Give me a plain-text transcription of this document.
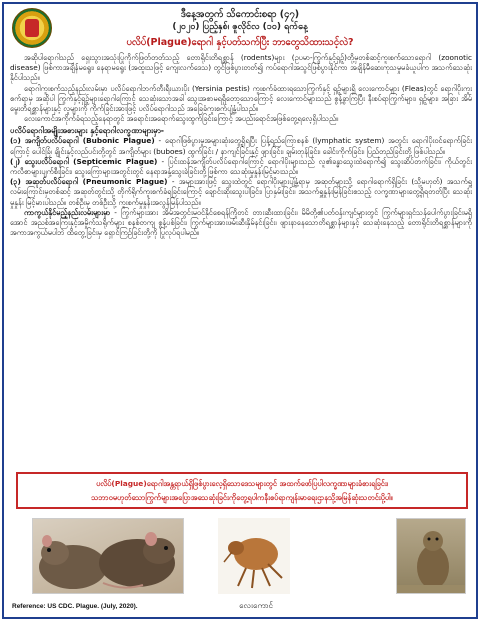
ဒီနေ့အတွက် သိကောင်းစရာ (၄၇)
(၂၀၂၀) ပြည့်နှစ်၊ ဇူလိုင်လ (၁၀) ရက်နေ့
ပလိပ်(Plague)ရောဂါ နှင့်ပတ်သက်ပြီး ဘာတွေသိထားသင့်လဲ?

အဆိုပါရောဂါသည် ရှေးသွားအသုံးပြုကိုက်ဖြတ်တတ်သည့် တောရိုင်းတိရစ္ဆာန် (rodents)များ (ဥပမာ-ကြွက်နှင့်ရှဉ့်)တို့မှတစ်ဆင့်ကူးစက်သောရောဂါ (zoonotic disease) ဖြစ်ကာအချိန်မရွေး၊ နေရာမရွေး (အထူးသဖြင့် ကျေးလက်ဒေသ) တွင်ဖြစ်ပွားတတ်၍ ကပ်ရောဂါအသွင်ဖြစ်ပွားနိုင်ကာ အချိန်မီဆေးကုသမှုမခံယူပါက အသက်သေဆုံးနိုင်ပါသည်။

ရောဂါကူးစက်သည့်နည်းလမ်းမှာ ပလိပ်ရောဂါဘက်တီးရီးယားပိုး (Yersinia pestis) ကူးစက်ခံထားရသောကြွက်နှင့် ရှဉ့်များရှိ လေးကောင်များ (Fleas)တွင် ရောဂါပိုးကူးစက်ရာမှ အဆိုပါ ကြွက်နှင့်ရှဉ့်များရောဂါကြောင့် သေဆုံးသောအခါ သွေးအစာမရရှိတော့သောကြောင့် လေးကောင်များသည် စွန့်ခွာကြပြီး နီးစပ်ရာကြွက်များ၊ ရှဉ့်များ၊ အခြား အိမ်မွေးတိရစ္ဆာန်များနှင့် လူများကို ကိုက်ခြင်းအားဖြင့် ပလိပ်ရောဂါသည် အခြေခံကူးစက်ပျံ့နှံ့ပါသည်။

လေးကောင်အကိုက်ခံရသည့်နေရာတွင် အရောင်းအရောက်သွေးထွက်ခြင်းကြောင့် အပည်းရောင်အဖြစ်တွေ့ရလေ့ရှိပါသည်။

ပလိပ်ရောဂါအမျိုးအစားများ နှင့်ရောဂါလက္ခဏာများမှာ-

(၁) အကျိတ်ပလိပ်ရောဂါ (Bubonic Plague) - ရောဂါဖြစ်ပွားမှုအများဆုံးတွေ့ရှိရပြီး ပြန့်ရည်ကြောစနစ် (lymphatic system) အတွင်း ရောဂါပိုးဝင်ရောက်ခြင်းကြောင့် ပေါင်ခြံ၊ ချိုင်းနှင့်လည်ပင်းတို့တွင် အကျိတ်များ (buboes) ထွက်ခြင်း / နာကျင်ခြင်းနှင့် ဖျားခြင်း၊ ချမ်းတုန်ခြင်း၊ ခေါင်းကိုက်ခြင်း၊ ပြည်တည်ခြင်းတို့ ဖြစ်ပါသည်။

(၂) သွေးပလိပ်ရောဂါ (Septicemic Plague) - ပြင်းထန်အကျိတ်ပလိပ်ရောဂါကြောင့် ရောဂါပိုးများသည် လူ၏ခန္ဓာသွေးထဲရောက်၍ သွေးဆိပ်တက်ခြင်း၊ ကိုယ်တွင်းကလီစာများပျက်စီးခြင်း၊ သွေးကြောများအတွင်းတွင် နေရာအနှံ့သွေးခဲခြင်းတို့ဖြစ်ကာ သေဆုံးမှုနှုန်းမြင့်မားသည်။

(၃) အဆုတ်ပလိပ်ရောဂါ (Pneumonic Plague) - အများအားဖြင့် သွေးထဲတွင် ရောဂါပိုးများပျံ့နှံ့ရာမှ အဆုတ်များသို့ ရောဂါရောက်ရှိခြင်း (သို့မဟုတ်) အသက်ရှူလမ်းကြောင်းမှတစ်ဆင့် အဆုတ်တွင်းသို့ တိုက်ရိုက်ကူးစက်ခံရခြင်းကြောင့် ချောင်းဆိုးသွေးပါခြင်း၊ ပြာနှမ်းခြင်း၊ အသက်ရှူနှုန်းမြန်ခြင်းစသည့် လက္ခဏာများတွေ့ရှိရတတ်ပြီး သေဆုံးမှုနှုန်း မြင့်မားပါသည်။ တစ်ဦးမှ တစ်ဦးသို့ ကူးစက်မှုနှုန်းအလွန်မြန်ပါသည်။

ကာကွယ်နိုင်မည့်နည်းလမ်းများမှာ - ကြွက်များအား အိမ်အတွင်းမဝင်နိုင်စေရန်ကြိုတင် တားဆီးထားခြင်း၊ မိမိတို့၏ပတ်ဝန်းကျင်များတွင် ကြွက်များရှင်သန်ပေါက်ပွားခြင်းမရှိအောင် အညစ်အကြေးနှင့်အမှိုက်သရိုက်များ စနစ်တကျ စွန့်ပစ်ခြင်း၊ ကြွက်များအားဖမ်းဆီးနှိမ်နင်းခြင်း၊ ဖျားနာနေသောတိရစ္ဆာန်များနှင့် သေဆုံးနေသည့် တောရိုင်းတိရစ္ဆာန်များကို အကာအကွယ်မပါဘဲ ထိတွေ့ခြင်းမှ ရှောင်ကြဉ်ခြင်းတို့ကို ပြုလုပ်ရပါမည်။

ပလိပ်(Plague)ရောဂါအန္တရာယ်ရှိဖြစ်ပွားလေ့ရှိသောဒေသများတွင် အထက်ဖော်ပြပါလက္ခဏာများခံစားရခြင်း၊
သဘာဝမဟုတ်သောကြွက်များအပြောအသေဆုံးခြင်းကိုတွေ့ရပါကနီးစပ်ရာကျန်းမာရေးဌာနသို့အမြန်ဆုံးသတင်းပို့ပါ။
လေးကောင်
Reference: US CDC. Plague. (July, 2020).
